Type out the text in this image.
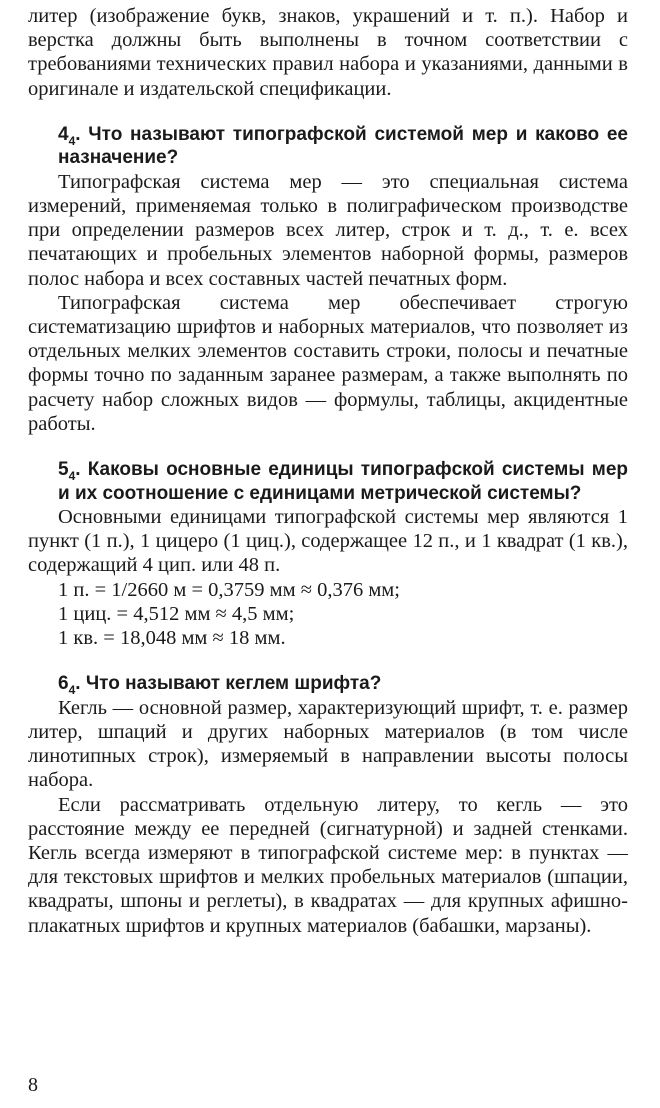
литер (изображение букв, знаков, украшений и т. п.). Набор и верстка должны быть выполнены в точном соответствии с требованиями технических правил набора и указаниями, данными в оригинале и издательской спецификации.

$4_4$. Что называют типографской системой мер и каково ее назначение?

Типографская система мер — это специальная система измерений, применяемая только в полиграфическом производстве при определении размеров всех литер, строк и т. д., т. е. всех печатающих и пробельных элементов наборной формы, размеров полос набора и всех составных частей печатных форм.

Типографская система мер обеспечивает строгую систематизацию шрифтов и наборных материалов, что позволяет из отдельных мелких элементов составить строки, полосы и печатные формы точно по заданным заранее размерам, а также выполнять по расчету набор сложных видов — формулы, таблицы, акцидентные работы.

$5_4$. Каковы основные единицы типографской системы мер и их соотношение с единицами метрической системы?

Основными единицами типографской системы мер являются 1 пункт (1 п.), 1 цицеро (1 циц.), содержащее 12 п., и 1 квадрат (1 кв.), содержащий 4 цип. или 48 п.

1 п. = 1/2660 м = 0,3759 мм ≈ 0,376 мм;

1 циц. = 4,512 мм ≈ 4,5 мм;

1 кв. = 18,048 мм ≈ 18 мм.

$6_4$. Что называют кеглем шрифта?

Кегль — основной размер, характеризующий шрифт, т. е. размер литер, шпаций и других наборных материалов (в том числе линотипных строк), измеряемый в направлении высоты полосы набора.

Если рассматривать отдельную литеру, то кегль — это расстояние между ее передней (сигнатурной) и задней стенками. Кегль всегда измеряют в типографской системе мер: в пунктах — для текстовых шрифтов и мелких пробельных материалов (шпации, квадраты, шпоны и реглеты), в квадратах — для крупных афишно-плакатных шрифтов и крупных материалов (бабашки, марзаны).

8
